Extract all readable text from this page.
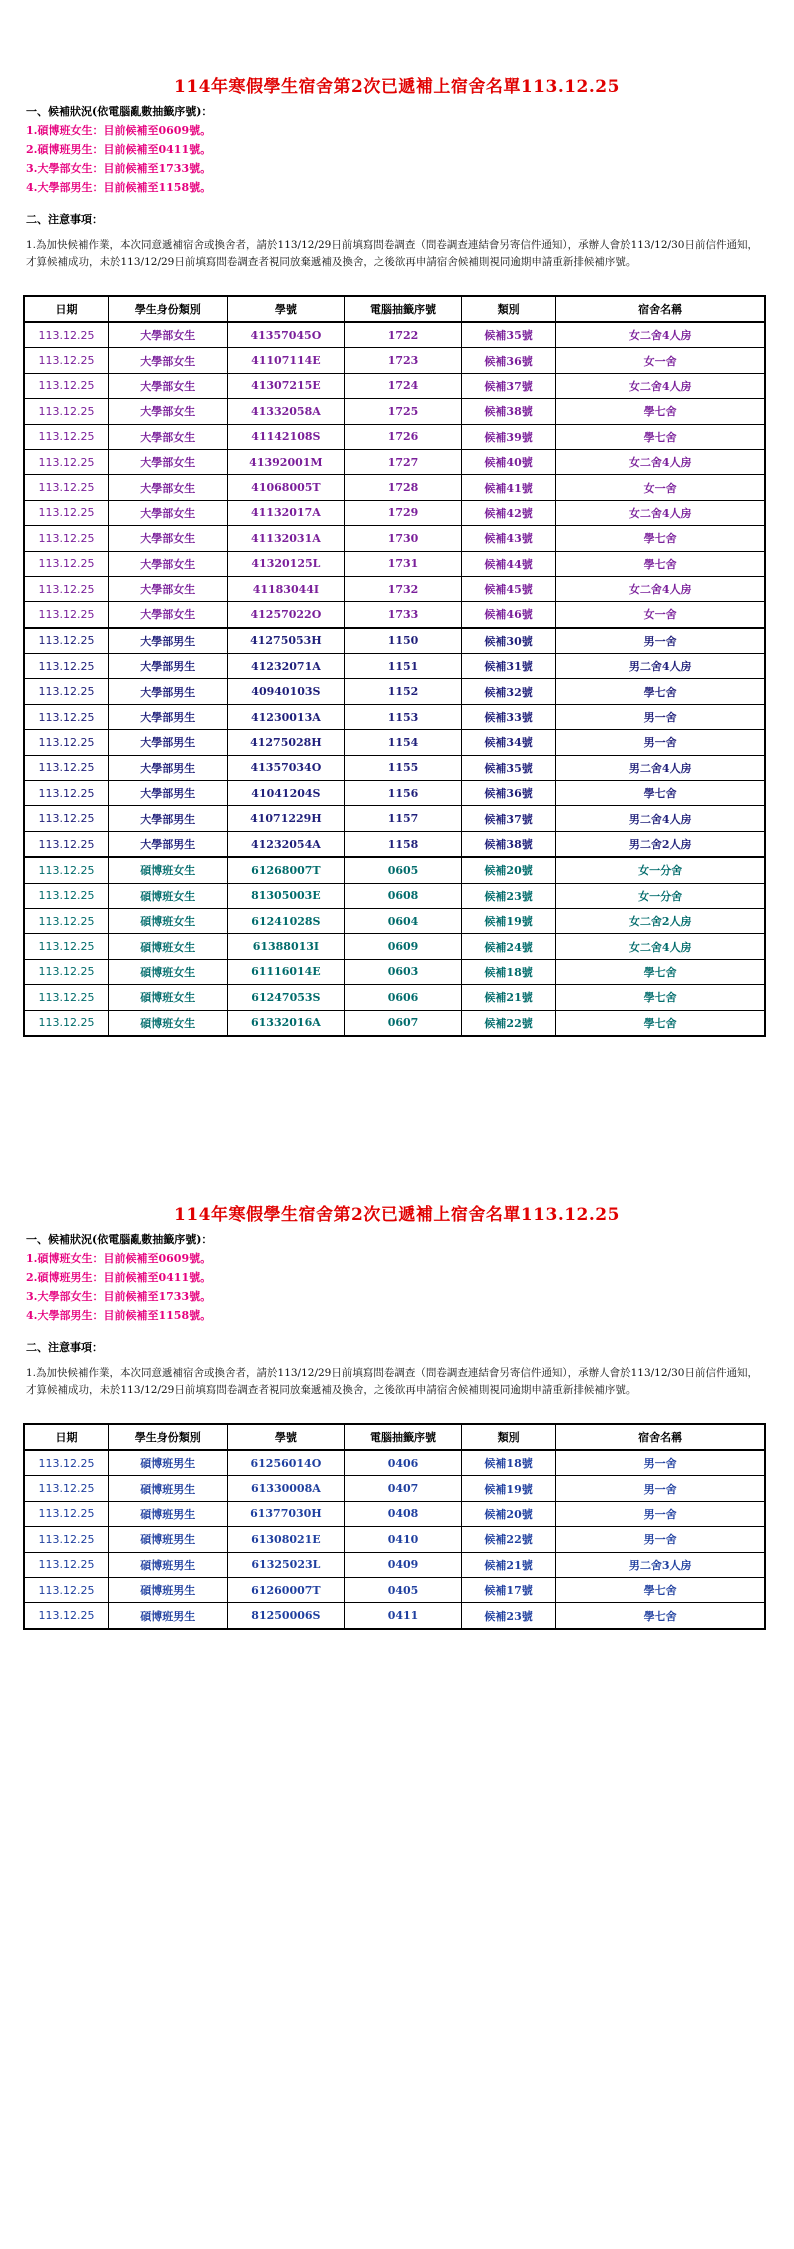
114年寒假學生宿舍第2次已遞補上宿舍名單113.12.25
一、候補狀況(依電腦亂數抽籤序號)：
1.碩博班女生：目前候補至0609號。
2.碩博班男生：目前候補至0411號。
3.大學部女生：目前候補至1733號。
4.大學部男生：目前候補至1158號。
二、注意事項：
1.為加快候補作業，本次同意遞補宿舍或換舍者，請於113/12/29日前填寫問卷調查（問卷調查連結會另寄信件通知），承辦人會於113/12/30日前信件通知，才算候補成功，未於113/12/29日前填寫問卷調查者視同放棄遞補及換舍，之後欲再申請宿舍候補則視同逾期申請重新排候補序號。
日期	學生身份類別	學號	電腦抽籤序號	類別	宿舍名稱
113.12.25	大學部女生	41357045O	1722	候補35號	女二舍4人房
113.12.25	大學部女生	41107114E	1723	候補36號	女一舍
113.12.25	大學部女生	41307215E	1724	候補37號	女二舍4人房
113.12.25	大學部女生	41332058A	1725	候補38號	學七舍
113.12.25	大學部女生	41142108S	1726	候補39號	學七舍
113.12.25	大學部女生	41392001M	1727	候補40號	女二舍4人房
113.12.25	大學部女生	41068005T	1728	候補41號	女一舍
113.12.25	大學部女生	41132017A	1729	候補42號	女二舍4人房
113.12.25	大學部女生	41132031A	1730	候補43號	學七舍
113.12.25	大學部女生	41320125L	1731	候補44號	學七舍
113.12.25	大學部女生	41183044I	1732	候補45號	女二舍4人房
113.12.25	大學部女生	41257022O	1733	候補46號	女一舍
113.12.25	大學部男生	41275053H	1150	候補30號	男一舍
113.12.25	大學部男生	41232071A	1151	候補31號	男二舍4人房
113.12.25	大學部男生	40940103S	1152	候補32號	學七舍
113.12.25	大學部男生	41230013A	1153	候補33號	男一舍
113.12.25	大學部男生	41275028H	1154	候補34號	男一舍
113.12.25	大學部男生	41357034O	1155	候補35號	男二舍4人房
113.12.25	大學部男生	41041204S	1156	候補36號	學七舍
113.12.25	大學部男生	41071229H	1157	候補37號	男二舍4人房
113.12.25	大學部男生	41232054A	1158	候補38號	男二舍2人房
113.12.25	碩博班女生	61268007T	0605	候補20號	女一分舍
113.12.25	碩博班女生	81305003E	0608	候補23號	女一分舍
113.12.25	碩博班女生	61241028S	0604	候補19號	女二舍2人房
113.12.25	碩博班女生	61388013I	0609	候補24號	女二舍4人房
113.12.25	碩博班女生	61116014E	0603	候補18號	學七舍
113.12.25	碩博班女生	61247053S	0606	候補21號	學七舍
113.12.25	碩博班女生	61332016A	0607	候補22號	學七舍
114年寒假學生宿舍第2次已遞補上宿舍名單113.12.25
一、候補狀況(依電腦亂數抽籤序號)：
1.碩博班女生：目前候補至0609號。
2.碩博班男生：目前候補至0411號。
3.大學部女生：目前候補至1733號。
4.大學部男生：目前候補至1158號。
二、注意事項：
1.為加快候補作業，本次同意遞補宿舍或換舍者，請於113/12/29日前填寫問卷調查（問卷調查連結會另寄信件通知），承辦人會於113/12/30日前信件通知，才算候補成功，未於113/12/29日前填寫問卷調查者視同放棄遞補及換舍，之後欲再申請宿舍候補則視同逾期申請重新排候補序號。
日期	學生身份類別	學號	電腦抽籤序號	類別	宿舍名稱
113.12.25	碩博班男生	61256014O	0406	候補18號	男一舍
113.12.25	碩博班男生	61330008A	0407	候補19號	男一舍
113.12.25	碩博班男生	61377030H	0408	候補20號	男一舍
113.12.25	碩博班男生	61308021E	0410	候補22號	男一舍
113.12.25	碩博班男生	61325023L	0409	候補21號	男二舍3人房
113.12.25	碩博班男生	61260007T	0405	候補17號	學七舍
113.12.25	碩博班男生	81250006S	0411	候補23號	學七舍
